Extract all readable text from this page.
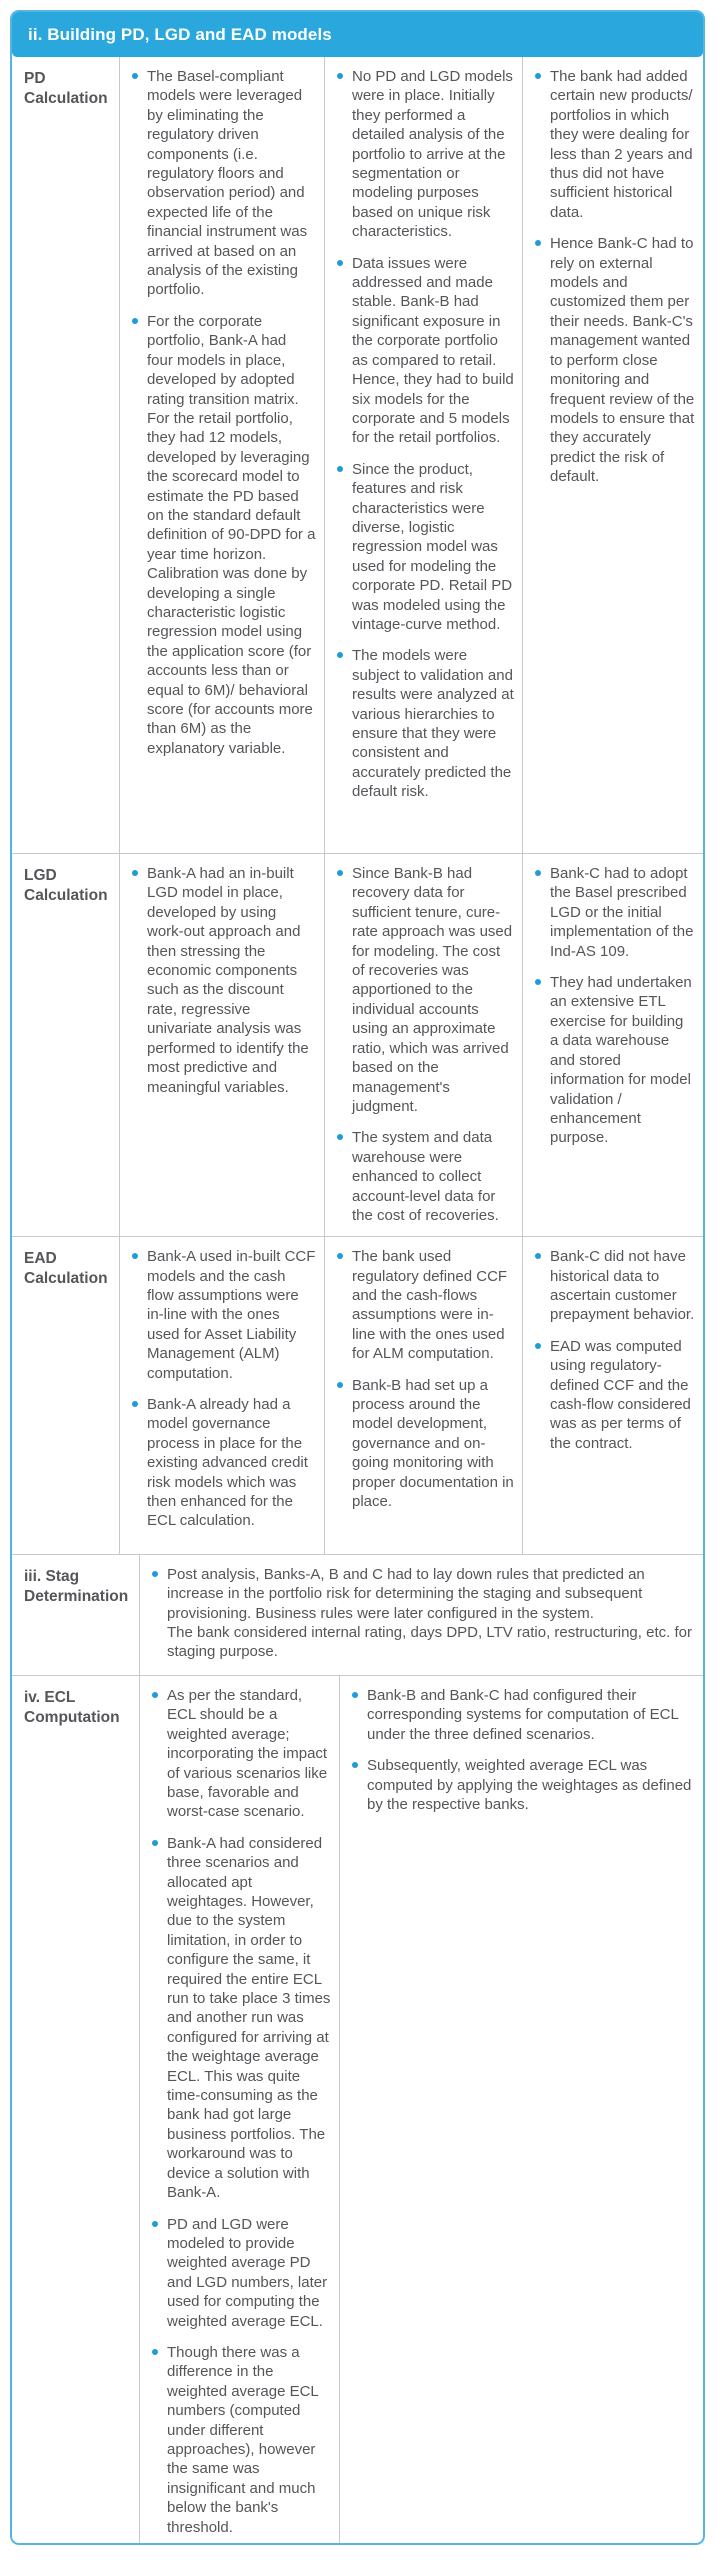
ii. Building PD, LGD and EAD models
PD Calculation
The Basel-compliant models were leveraged by eliminating the regulatory driven components (i.e. regulatory floors and observation period) and expected life of the financial instrument was arrived at based on an analysis of the existing portfolio.
For the corporate portfolio, Bank-A had four models in place, developed by adopted rating transition matrix. For the retail portfolio, they had 12 models, developed by leveraging the scorecard model to estimate the PD based on the standard default definition of 90-DPD for a year time horizon. Calibration was done by developing a single characteristic logistic regression model using the application score (for accounts less than or equal to 6M)/ behavioral score (for accounts more than 6M) as the explanatory variable.
No PD and LGD models were in place. Initially they performed a detailed analysis of the portfolio to arrive at the segmentation or modeling purposes based on unique risk characteristics.
Data issues were addressed and made stable. Bank-B had significant exposure in the corporate portfolio as compared to retail. Hence, they had to build six models for the corporate and 5 models for the retail portfolios.
Since the product, features and risk characteristics were diverse, logistic regression model was used for modeling the corporate PD. Retail PD was modeled using the vintage-curve method.
The models were subject to validation and results were analyzed at various hierarchies to ensure that they were consistent and accurately predicted the default risk.
The bank had added certain new products/ portfolios in which they were dealing for less than 2 years and thus did not have sufficient historical data.
Hence Bank-C had to rely on external models and customized them per their needs. Bank-C's management wanted to perform close monitoring and frequent review of the models to ensure that they accurately predict the risk of default.
LGD Calculation
Bank-A had an in-built LGD model in place, developed by using work-out approach and then stressing the economic components such as the discount rate, regressive univariate analysis was performed to identify the most predictive and meaningful variables.
Since Bank-B had recovery data for sufficient tenure, cure-rate approach was used for modeling. The cost of recoveries was apportioned to the individual accounts using an approximate ratio, which was arrived based on the management's judgment.
The system and data warehouse were enhanced to collect account-level data for the cost of recoveries.
Bank-C had to adopt the Basel prescribed LGD or the initial implementation of the Ind-AS 109.
They had undertaken an extensive ETL exercise for building a data warehouse and stored information for model validation / enhancement purpose.
EAD Calculation
Bank-A used in-built CCF models and the cash flow assumptions were in-line with the ones used for Asset Liability Management (ALM) computation.
Bank-A already had a model governance process in place for the existing advanced credit risk models which was then enhanced for the ECL calculation.
The bank used regulatory defined CCF and the cash-flows assumptions were in-line with the ones used for ALM computation.
Bank-B had set up a process around the model development, governance and on-going monitoring with proper documentation in place.
Bank-C did not have historical data to ascertain customer prepayment behavior.
EAD was computed using regulatory-defined CCF and the cash-flow considered was as per terms of the contract.
iii. Stag Determination
Post analysis, Banks-A, B and C had to lay down rules that predicted an increase in the portfolio risk for determining the staging and subsequent provisioning. Business rules were later configured in the system.
The bank considered internal rating, days DPD, LTV ratio, restructuring, etc. for staging purpose.
iv. ECL Computation
As per the standard, ECL should be a weighted average; incorporating the impact of various scenarios like base, favorable and worst-case scenario.
Bank-A had considered three scenarios and allocated apt weightages. However, due to the system limitation, in order to configure the same, it required the entire ECL run to take place 3 times and another run was configured for arriving at the weightage average ECL. This was quite time-consuming as the bank had got large business portfolios. The workaround was to device a solution with Bank-A.
PD and LGD were modeled to provide weighted average PD and LGD numbers, later used for computing the weighted average ECL.
Though there was a difference in the weighted average ECL numbers (computed under different approaches), however the same was insignificant and much below the bank's threshold.
Bank-B and Bank-C had configured their corresponding systems for computation of ECL under the three defined scenarios.
Subsequently, weighted average ECL was computed by applying the weightages as defined by the respective banks.
